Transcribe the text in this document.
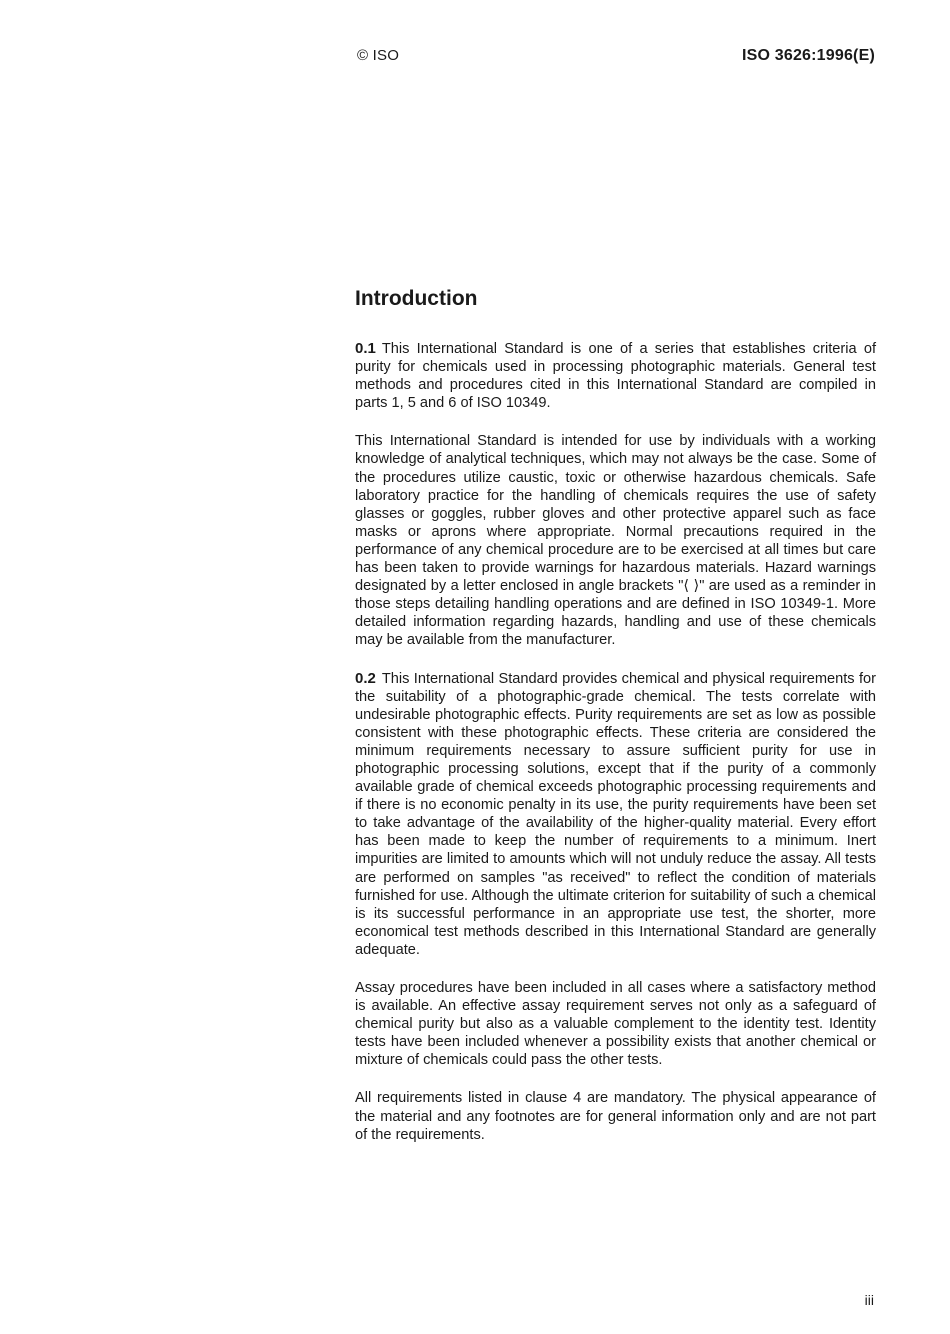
© ISO	ISO 3626:1996(E)
Introduction

0.1 This International Standard is one of a series that establishes criteria of purity for chemicals used in processing photographic materials. General test methods and procedures cited in this International Standard are compiled in parts 1, 5 and 6 of ISO 10349.

This International Standard is intended for use by individuals with a working knowledge of analytical techniques, which may not always be the case. Some of the procedures utilize caustic, toxic or otherwise hazardous chemicals. Safe laboratory practice for the handling of chemicals requires the use of safety glasses or goggles, rubber gloves and other protective apparel such as face masks or aprons where appropriate. Normal precautions required in the performance of any chemical procedure are to be exercised at all times but care has been taken to provide warnings for hazardous materials. Hazard warnings designated by a letter enclosed in angle brackets "⟨ ⟩" are used as a reminder in those steps detailing handling operations and are defined in ISO 10349-1. More detailed information regarding hazards, handling and use of these chemicals may be available from the manufacturer.

0.2 This International Standard provides chemical and physical requirements for the suitability of a photographic-grade chemical. The tests correlate with undesirable photographic effects. Purity requirements are set as low as possible consistent with these photographic effects. These criteria are considered the minimum requirements necessary to assure sufficient purity for use in photographic processing solutions, except that if the purity of a commonly available grade of chemical exceeds photographic processing requirements and if there is no economic penalty in its use, the purity requirements have been set to take advantage of the availability of the higher-quality material. Every effort has been made to keep the number of requirements to a minimum. Inert impurities are limited to amounts which will not unduly reduce the assay. All tests are performed on samples "as received" to reflect the condition of materials furnished for use. Although the ultimate criterion for suitability of such a chemical is its successful performance in an appropriate use test, the shorter, more economical test methods described in this International Standard are generally adequate.

Assay procedures have been included in all cases where a satisfactory method is available. An effective assay requirement serves not only as a safeguard of chemical purity but also as a valuable complement to the identity test. Identity tests have been included whenever a possibility exists that another chemical or mixture of chemicals could pass the other tests.

All requirements listed in clause 4 are mandatory. The physical appearance of the material and any footnotes are for general information only and are not part of the requirements.

iii
